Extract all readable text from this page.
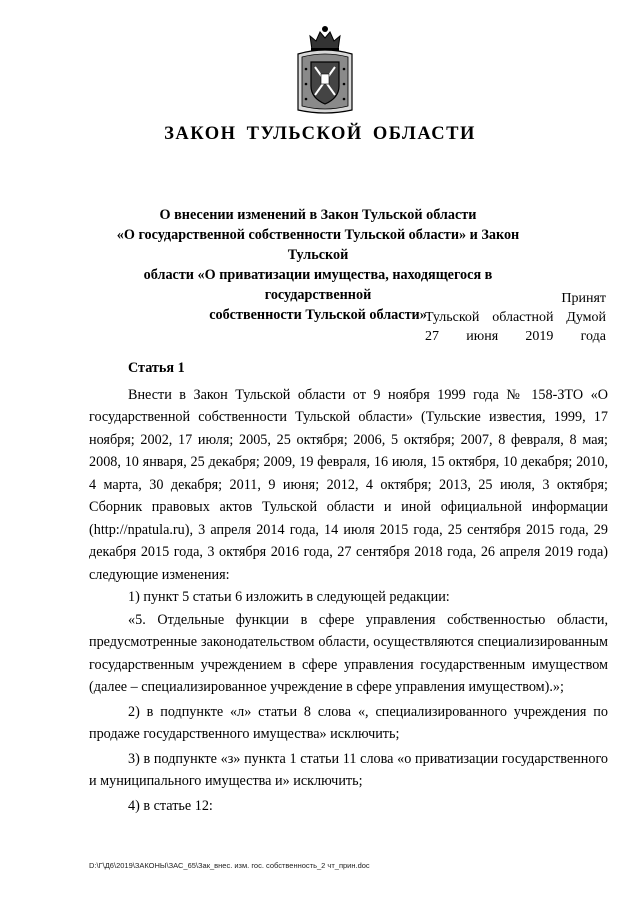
ЗАКОН ТУЛЬСКОЙ ОБЛАСТИ
О внесении изменений в Закон Тульской области
«О государственной собственности Тульской области» и Закон Тульской
области «О приватизации имущества, находящегося в государственной
собственности Тульской области»
Принят
Тульской областной Думой
27 июня 2019 года
Статья 1

Внести в Закон Тульской области от 9 ноября 1999 года № 158-ЗТО «О государственной собственности Тульской области» (Тульские известия, 1999, 17 ноября; 2002, 17 июля; 2005, 25 октября; 2006, 5 октября; 2007, 8 февраля, 8 мая; 2008, 10 января, 25 декабря; 2009, 19 февраля, 16 июля, 15 октября, 10 декабря; 2010, 4 марта, 30 декабря; 2011, 9 июня; 2012, 4 октября; 2013, 25 июля, 3 октября; Сборник правовых актов Тульской области и иной официальной информации (http://npatula.ru), 3 апреля 2014 года, 14 июля 2015 года, 25 сентября 2015 года, 29 декабря 2015 года, 3 октября 2016 года, 27 сентября 2018 года, 26 апреля 2019 года) следующие изменения:

1) пункт 5 статьи 6 изложить в следующей редакции:

«5. Отдельные функции в сфере управления собственностью области, предусмотренные законодательством области, осуществляются специализированным государственным учреждением в сфере управления государственным имуществом (далее – специализированное учреждение в сфере управления имуществом).»;

2) в подпункте «л» статьи 8 слова «, специализированного учреждения по продаже государственного имущества» исключить;

3) в подпункте «з» пункта 1 статьи 11 слова «о приватизации государственного и муниципального имущества и» исключить;

4) в статье 12:

D:\Г\Д6\2019\ЗАКОНЫ\ЗАС_65\Зак_внес. изм. гос. собственность_2 чт_прин.doc
